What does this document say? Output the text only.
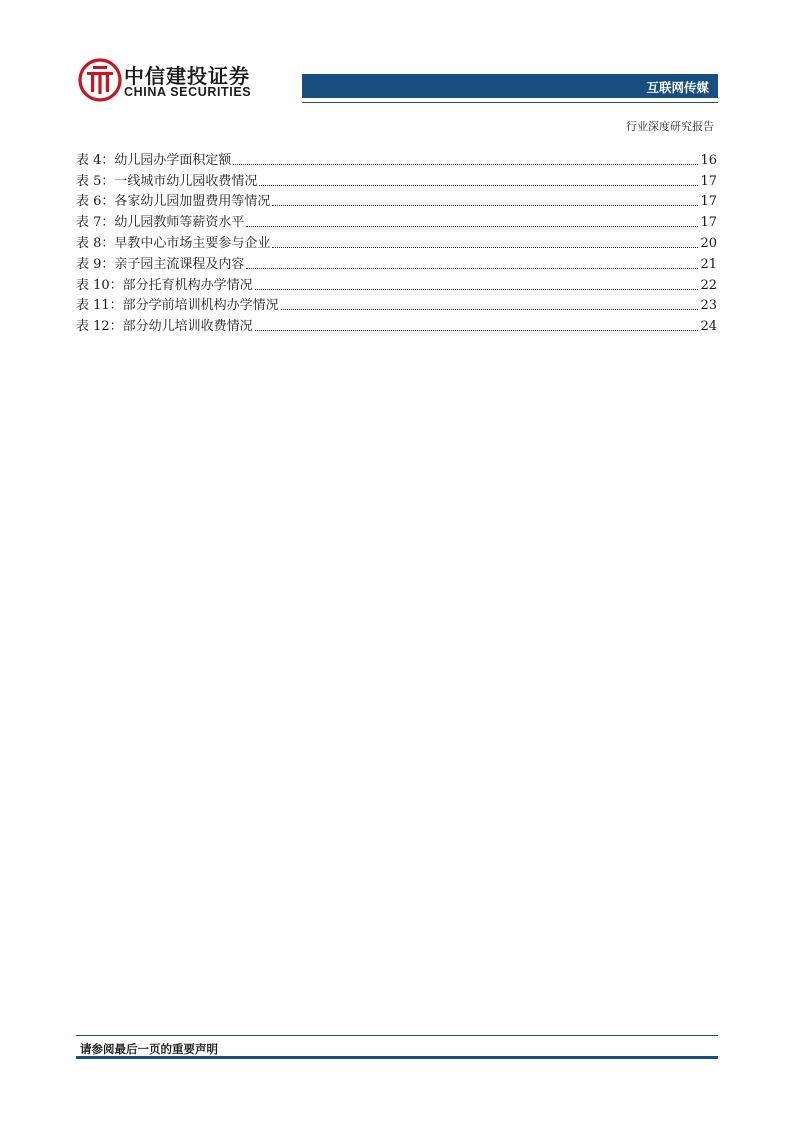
中信建投证券
CHINA SECURITIES	互联网传媒
行业深度研究报告
表 4：幼儿园办学面积定额	16
表 5：一线城市幼儿园收费情况	17
表 6：各家幼儿园加盟费用等情况	17
表 7：幼儿园教师等薪资水平	17
表 8：早教中心市场主要参与企业	20
表 9：亲子园主流课程及内容	21
表 10：部分托育机构办学情况	22
表 11：部分学前培训机构办学情况	23
表 12：部分幼儿培训收费情况	24
请参阅最后一页的重要声明
